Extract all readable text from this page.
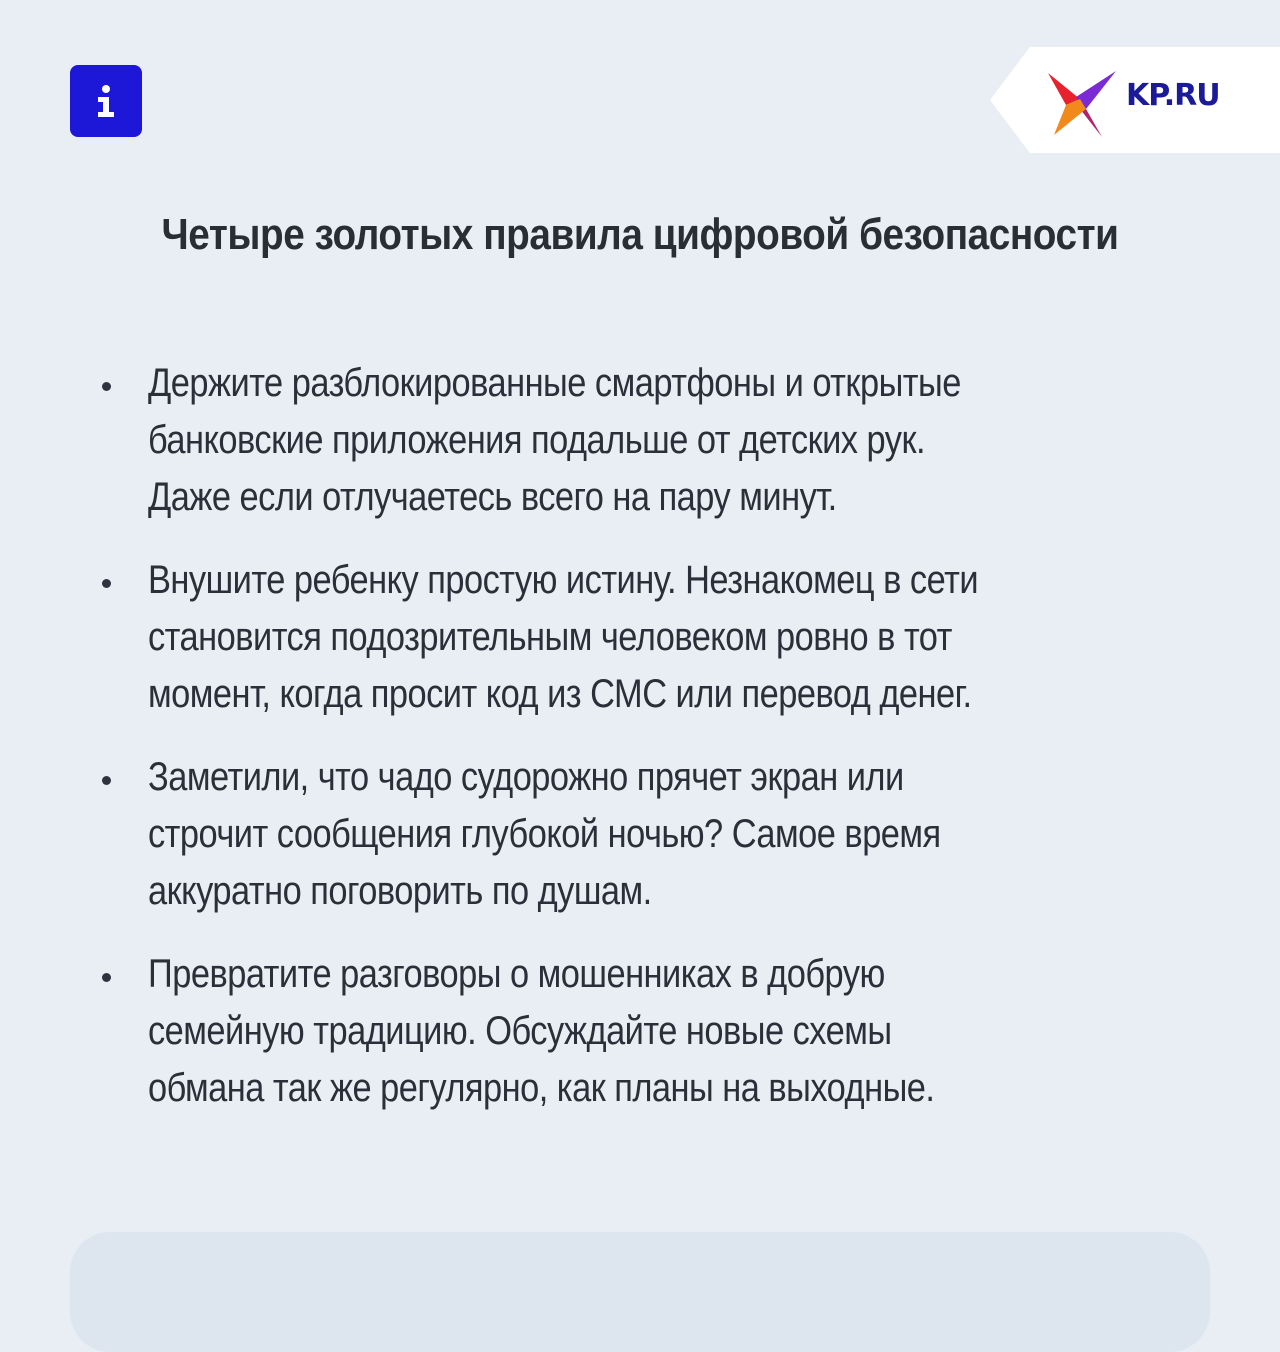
KP.RU
Четыре золотых правила цифровой безопасности
Держите разблокированные смартфоны и открытые
банковские приложения подальше от детских рук.
Даже если отлучаетесь всего на пару минут.
Внушите ребенку простую истину. Незнакомец в сети
становится подозрительным человеком ровно в тот
момент, когда просит код из СМС или перевод денег.
Заметили, что чадо судорожно прячет экран или
строчит сообщения глубокой ночью? Самое время
аккуратно поговорить по душам.
Превратите разговоры о мошенниках в добрую
семейную традицию. Обсуждайте новые схемы
обмана так же регулярно, как планы на выходные.
